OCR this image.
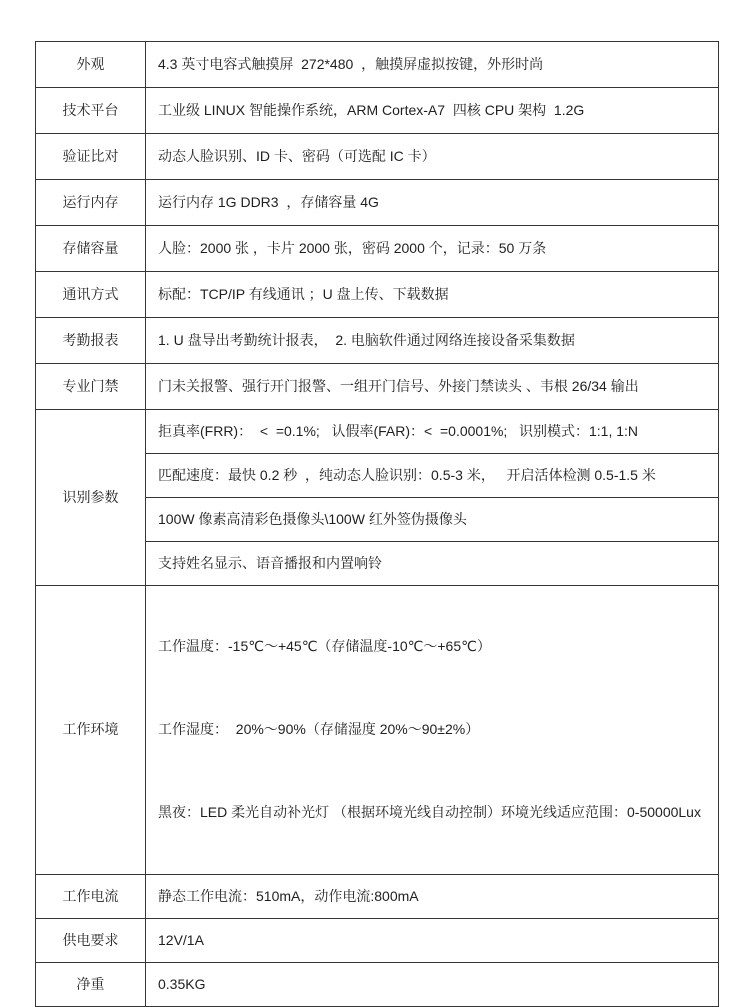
外观	4.3 英寸电容式触摸屏  272*480  ，触摸屏虚拟按键，外形时尚
技术平台	工业级 LINUX 智能操作系统，ARM Cortex-A7  四核 CPU 架构  1.2G
验证比对	动态人脸识别、ID 卡、密码（可选配 IC 卡）
运行内存	运行内存 1G DDR3  ，存储容量 4G
存储容量	人脸：2000 张 ，卡片 2000 张，密码 2000 个，记录：50 万条
通讯方式	标配：TCP/IP 有线通讯 ；U 盘上传、下载数据
考勤报表	1. U 盘导出考勤统计报表，  2. 电脑软件通过网络连接设备采集数据
专业门禁	门未关报警、强行开门报警、一组开门信号、外接门禁读头 、韦根 26/34 输出
识别参数	拒真率(FRR)：  <  =0.1%;   认假率(FAR)：<  =0.0001%;   识别模式：1:1, 1:N
	匹配速度：最快 0.2 秒  ，纯动态人脸识别：0.5-3 米，   开启活体检测 0.5-1.5 米
	100W 像素高清彩色摄像头\100W 红外签伪摄像头
	支持姓名显示、语音播报和内置响铃
工作环境	工作温度：-15℃～+45℃（存储温度-10℃～+65℃）

工作湿度：  20%～90%（存储湿度 20%～90±2%）

黑夜：LED 柔光自动补光灯 （根据环境光线自动控制）环境光线适应范围：0-50000Lux

工作电流	静态工作电流：510mA，动作电流:800mA
供电要求	12V/1A
净重	0.35KG
